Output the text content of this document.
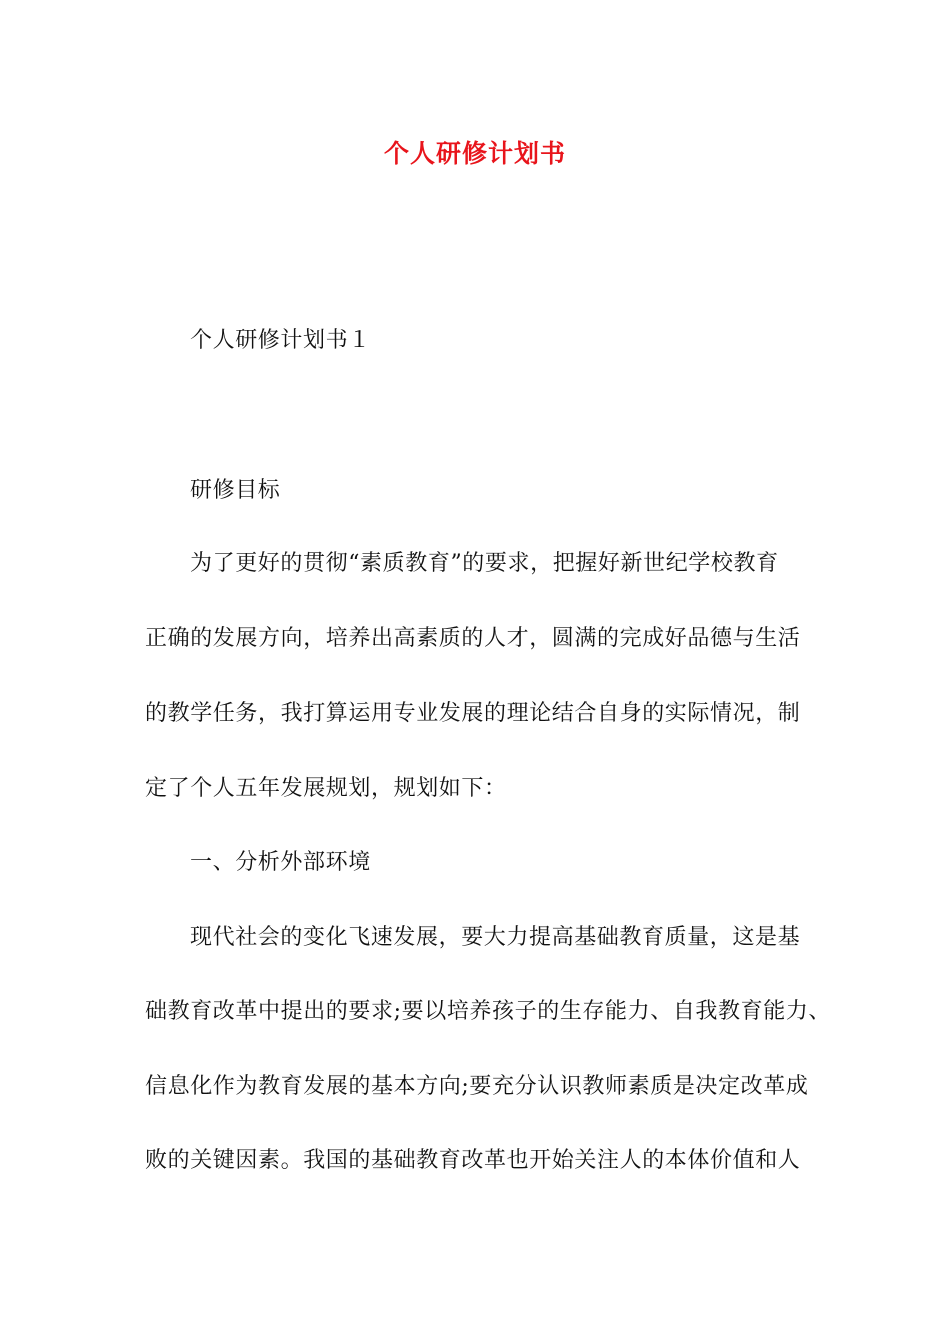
个人研修计划书
个人研修计划书１
研修目标
为了更好的贯彻“素质教育”的要求，把握好新世纪学校教育
正确的发展方向，培养出高素质的人才，圆满的完成好品德与生活
的教学任务，我打算运用专业发展的理论结合自身的实际情况，制
定了个人五年发展规划，规划如下：
一、分析外部环境
现代社会的变化飞速发展，要大力提高基础教育质量，这是基
础教育改革中提出的要求;要以培养孩子的生存能力、自我教育能力、
信息化作为教育发展的基本方向;要充分认识教师素质是决定改革成
败的关键因素。我国的基础教育改革也开始关注人的本体价值和人
